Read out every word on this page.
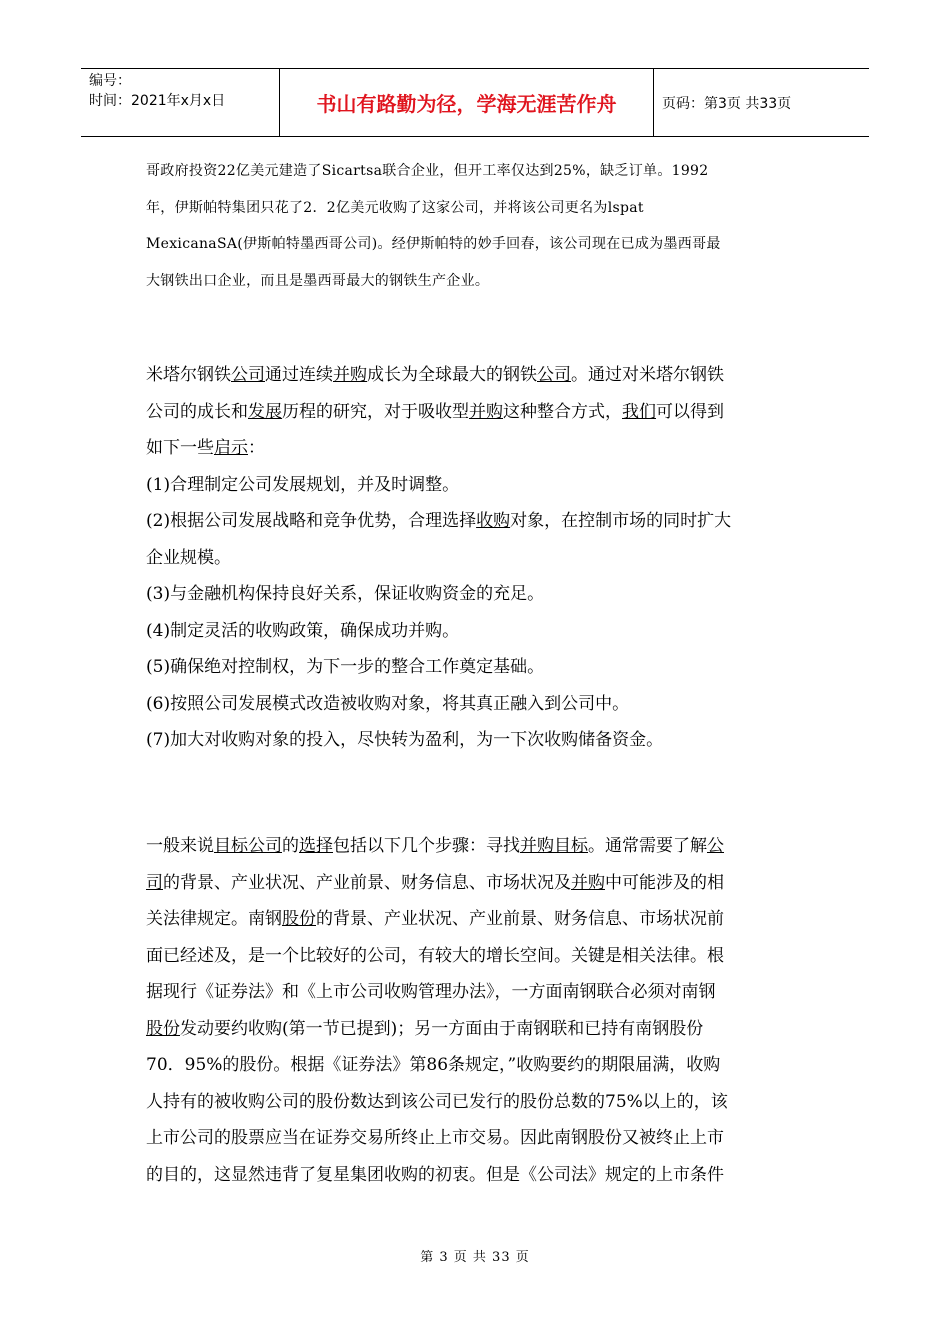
编号：
时间：2021年x月x日	书山有路勤为径，学海无涯苦作舟	页码：第3页 共33页
哥政府投资22亿美元建造了Sicartsa联合企业，但开工率仅达到25%，缺乏订单。1992
年，伊斯帕特集团只花了2．2亿美元收购了这家公司，并将该公司更名为lspat
MexicanaSA(伊斯帕特墨西哥公司)。经伊斯帕特的妙手回春，该公司现在已成为墨西哥最
大钢铁出口企业，而且是墨西哥最大的钢铁生产企业。
米塔尔钢铁公司通过连续并购成长为全球最大的钢铁公司。通过对米塔尔钢铁
公司的成长和发展历程的研究，对于吸收型并购这种整合方式，我们可以得到
如下一些启示：
(1)合理制定公司发展规划，并及时调整。
(2)根据公司发展战略和竞争优势，合理选择收购对象，在控制市场的同时扩大
企业规模。
(3)与金融机构保持良好关系，保证收购资金的充足。
(4)制定灵活的收购政策，确保成功并购。
(5)确保绝对控制权，为下一步的整合工作奠定基础。
(6)按照公司发展模式改造被收购对象，将其真正融入到公司中。
(7)加大对收购对象的投入，尽快转为盈利，为一下次收购储备资金。
一般来说目标公司的选择包括以下几个步骤：寻找并购目标。通常需要了解公
司的背景、产业状况、产业前景、财务信息、市场状况及并购中可能涉及的相
关法律规定。南钢股份的背景、产业状况、产业前景、财务信息、市场状况前
面已经述及，是一个比较好的公司，有较大的增长空间。关键是相关法律。根
据现行《证券法》和《上市公司收购管理办法》，一方面南钢联合必须对南钢
股份发动要约收购(第一节已提到)；另一方面由于南钢联和已持有南钢股份
70．95%的股份。根据《证券法》第86条规定，”收购要约的期限届满，收购
人持有的被收购公司的股份数达到该公司已发行的股份总数的75%以上的，该
上市公司的股票应当在证券交易所终止上市交易。因此南钢股份又被终止上市
的目的，这显然违背了复星集团收购的初衷。但是《公司法》规定的上市条件
第 3 页 共 33 页
